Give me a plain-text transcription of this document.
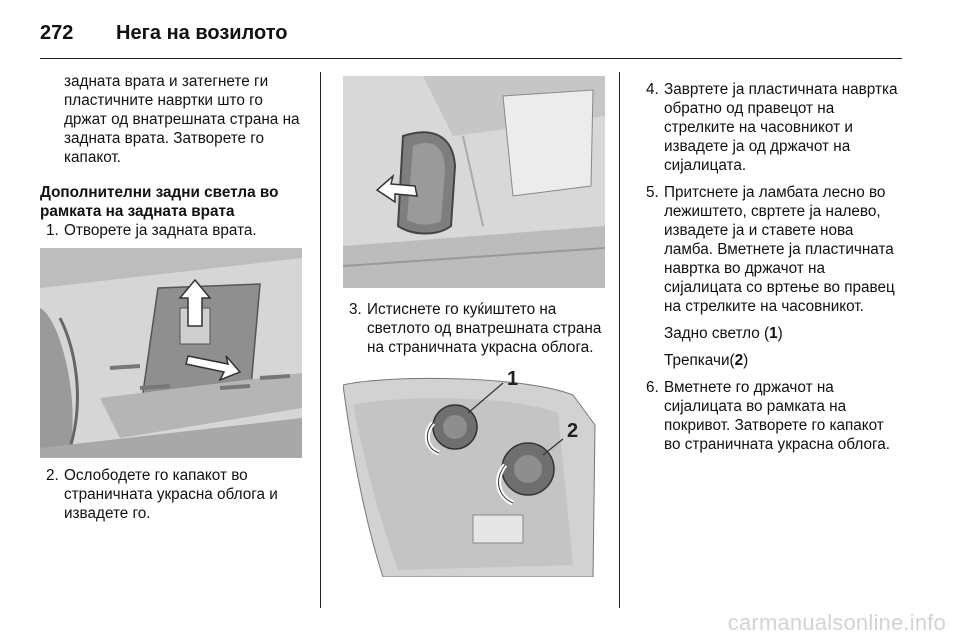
272 Нега на возилото

задната врата и затегнете ги пластичните навртки што го држат од внатрешната страна на задната врата. Затворете го капакот.

Дополнителни задни светла во рамката на задната врата

1. Отворете ја задната врата.

2. Ослободете го капакот во страничната украсна облога и извадете го.

3. Истиснете го куќиштето на светлото од внатрешната страна на страничната украсна облога.

1
2

4. Завртете ја пластичната навртка обратно од правецот на стрелките на часовникот и извадете ја од држачот на сијалицата.

5. Притснете ја ламбата лесно во лежиштето, свртете ја налево, извадете ја и ставете нова ламба. Вметнете ја пластичната навртка во држачот на сијалицата со вртење во правец на стрелките на часовникот.

Задно светло (1)

Трепкачи(2)

6. Вметнете го држачот на сијалицата во рамката на покривот. Затворете го капакот во страничната украсна облога.

carmanualsonline.info
